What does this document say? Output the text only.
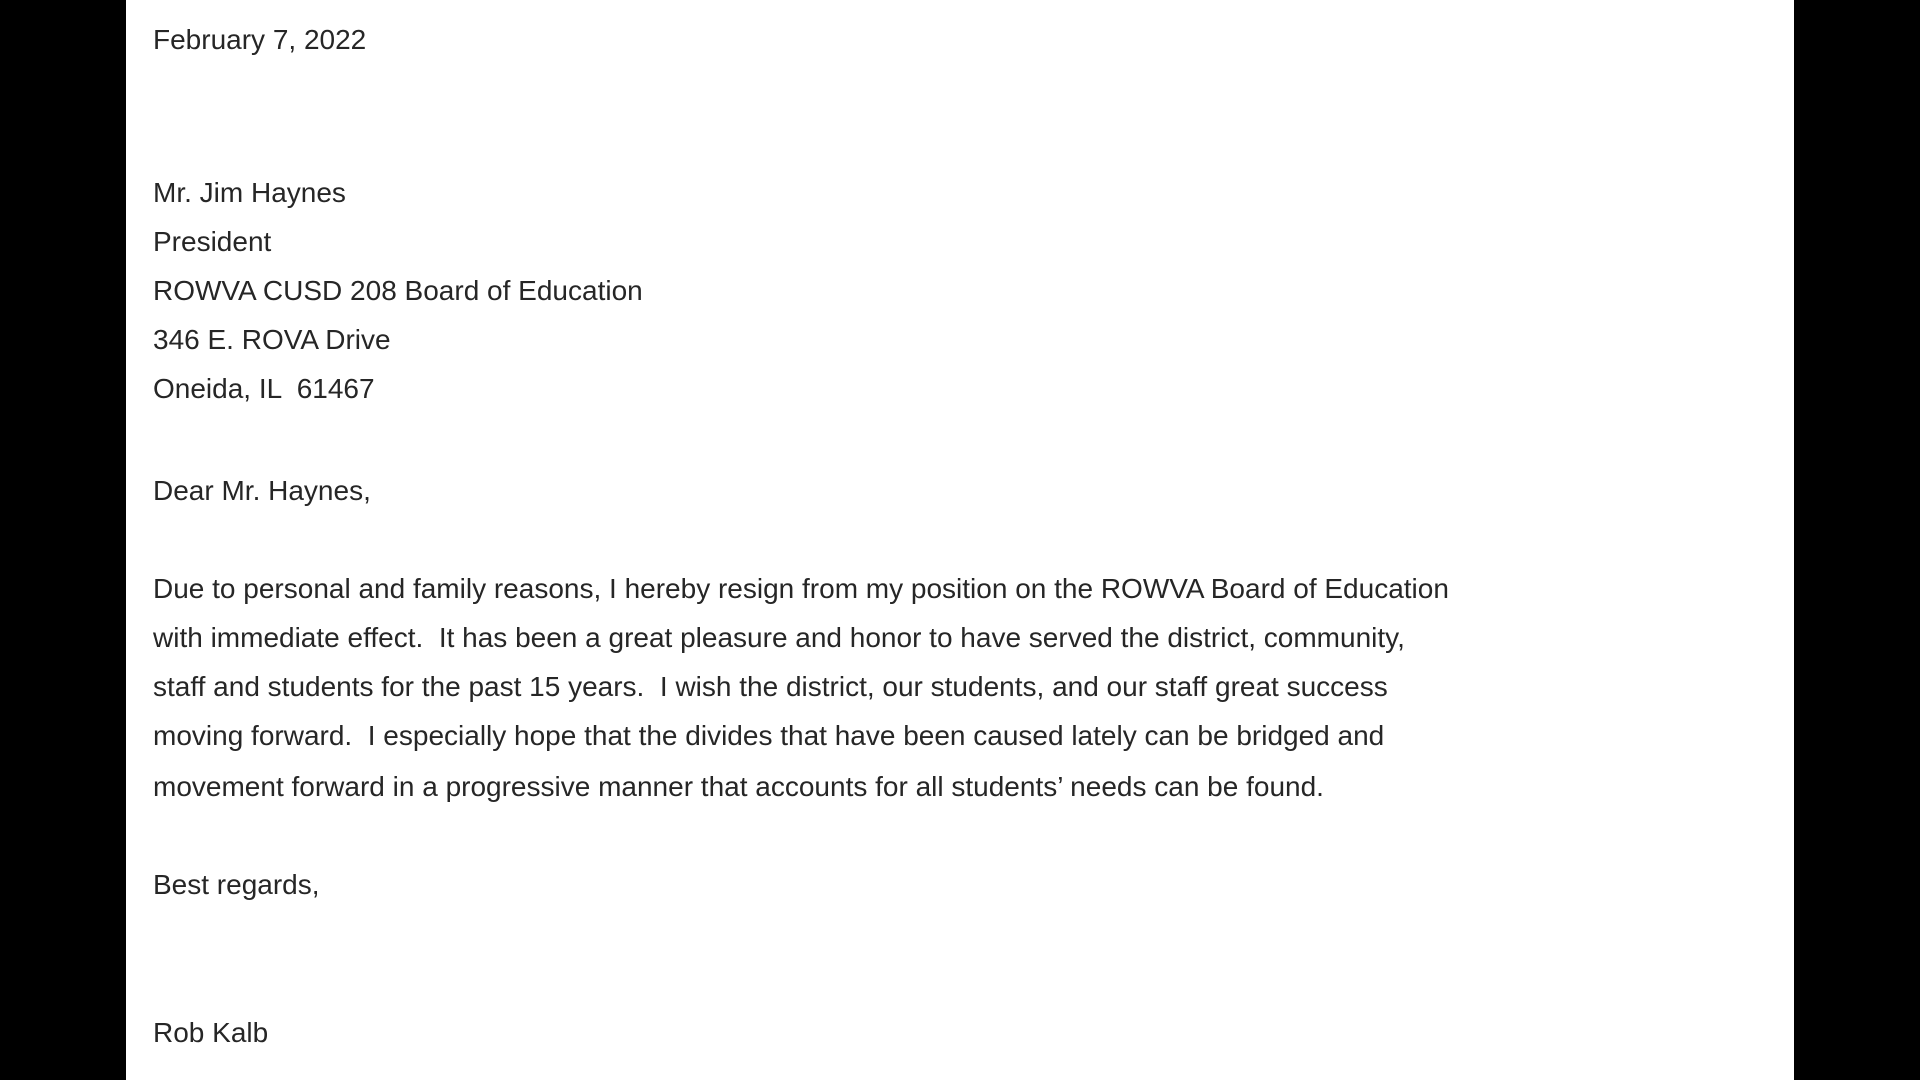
February 7, 2022
Mr. Jim Haynes
President
ROWVA CUSD 208 Board of Education
346 E. ROVA Drive
Oneida, IL  61467
Dear Mr. Haynes,
Due to personal and family reasons, I hereby resign from my position on the ROWVA Board of Education
with immediate effect.  It has been a great pleasure and honor to have served the district, community,
staff and students for the past 15 years.  I wish the district, our students, and our staff great success
moving forward.  I especially hope that the divides that have been caused lately can be bridged and
movement forward in a progressive manner that accounts for all students’ needs can be found.
Best regards,
Rob Kalb
